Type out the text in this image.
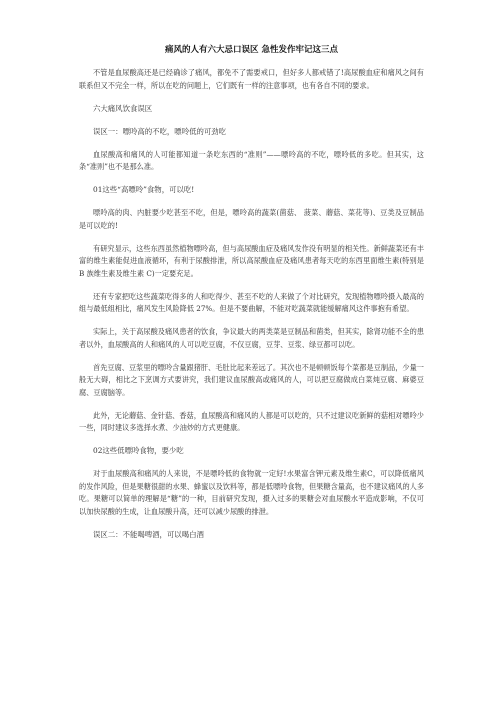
痛风的人有六大忌口误区 急性发作牢记这三点

不管是血尿酸高还是已经确诊了痛风，都免不了需要戒口，但好多人都戒错了!高尿酸血症和痛风之间有联系但又不完全一样，所以在吃的问题上，它们既有一样的注意事项，也有各自不同的要求。

六大痛风饮食误区

误区一：嘌呤高的不吃，嘌呤低的可劲吃

血尿酸高和痛风的人可能都知道一条吃东西的“准则”——嘌呤高的不吃，嘌呤低的多吃。但其实，这条“准则”也不是那么准。

01这些“高嘌呤”食物，可以吃!

嘌呤高的肉、内脏要少吃甚至不吃，但是，嘌呤高的蔬菜(菌菇、 菠菜、蘑菇、菜花等)、豆类及豆制品是可以吃的!

有研究显示，这些东西虽然植物嘌呤高，但与高尿酸血症及痛风发作没有明显的相关性。新鲜蔬菜还有丰富的维生素能促进血液循环，有利于尿酸排泄，所以高尿酸血症及痛风患者每天吃的东西里面维生素(特别是 B 族维生素及维生素 C)一定要充足。

还有专家把吃这些蔬菜吃得多的人和吃得少、甚至不吃的人来做了个对比研究，发现植物嘌呤摄入最高的组与最低组相比，痛风发生风险降低 27%。但是不要曲解，不能对吃蔬菜就能缓解痛风这件事抱有希望。

实际上，关于高尿酸及痛风患者的饮食，争议最大的两类菜是豆制品和菌类，但其实，除肾功能不全的患者以外，血尿酸高的人和痛风的人可以吃豆腐，不仅豆腐，豆芽、豆浆、绿豆都可以吃。

首先豆腐、豆浆里的嘌呤含量跟猪肝、毛肚比起来差远了。其次也不是顿顿饭每个菜都是豆制品，少量一般无大碍，相比之下烹调方式要讲究，我们建议血尿酸高或痛风的人，可以把豆腐做成白菜炖豆腐、麻婆豆腐、豆腐脑等。

此外，无论蘑菇、金针菇、香菇，血尿酸高和痛风的人都是可以吃的，只不过建议吃新鲜的菇相对嘌呤少一些，同时建议多选择水煮、少油炒的方式更健康。

02这些低嘌呤食物，要少吃

对于血尿酸高和痛风的人来说，不是嘌呤低的食物就一定好!水果富含钾元素及维生素C，可以降低痛风的发作风险，但是果糖很甜的水果、蜂蜜以及饮料等，都是低嘌呤食物，但果糖含量高，也不建议痛风的人多吃。果糖可以简单的理解是“糖”的一种，目前研究发现，摄入过多的果糖会对血尿酸水平造成影响，不仅可以加快尿酸的生成，让血尿酸升高，还可以减少尿酸的排泄。

误区二：不能喝啤酒，可以喝白酒
